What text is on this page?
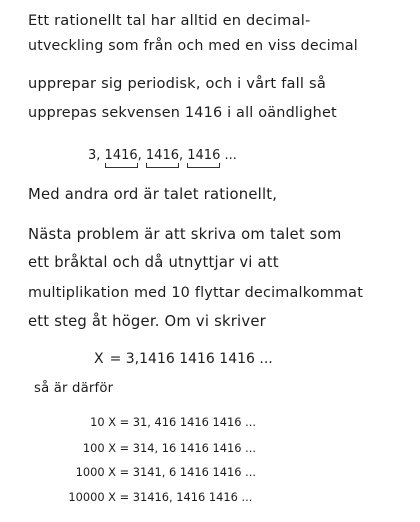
Ett rationellt tal har alltid en decimal-
utveckling som från och med en viss decimal
upprepar sig periodisk, och i vårt fall så
upprepas sekvensen 1416 i all oändlighet
3, 1416, 1416, 1416 ...
Med andra ord är talet rationellt,
Nästa problem är att skriva om talet som
ett bråktal och då utnyttjar vi att
multiplikation med 10 flyttar decimalkommat
ett steg åt höger. Om vi skriver
X = 3,1416 1416 1416 ...
så är därför
10 X = 31, 416 1416 1416 ...
100 X = 314, 16 1416 1416 ...
1000 X = 3141, 6 1416 1416 ...
10000 X = 31416, 1416 1416 ...
